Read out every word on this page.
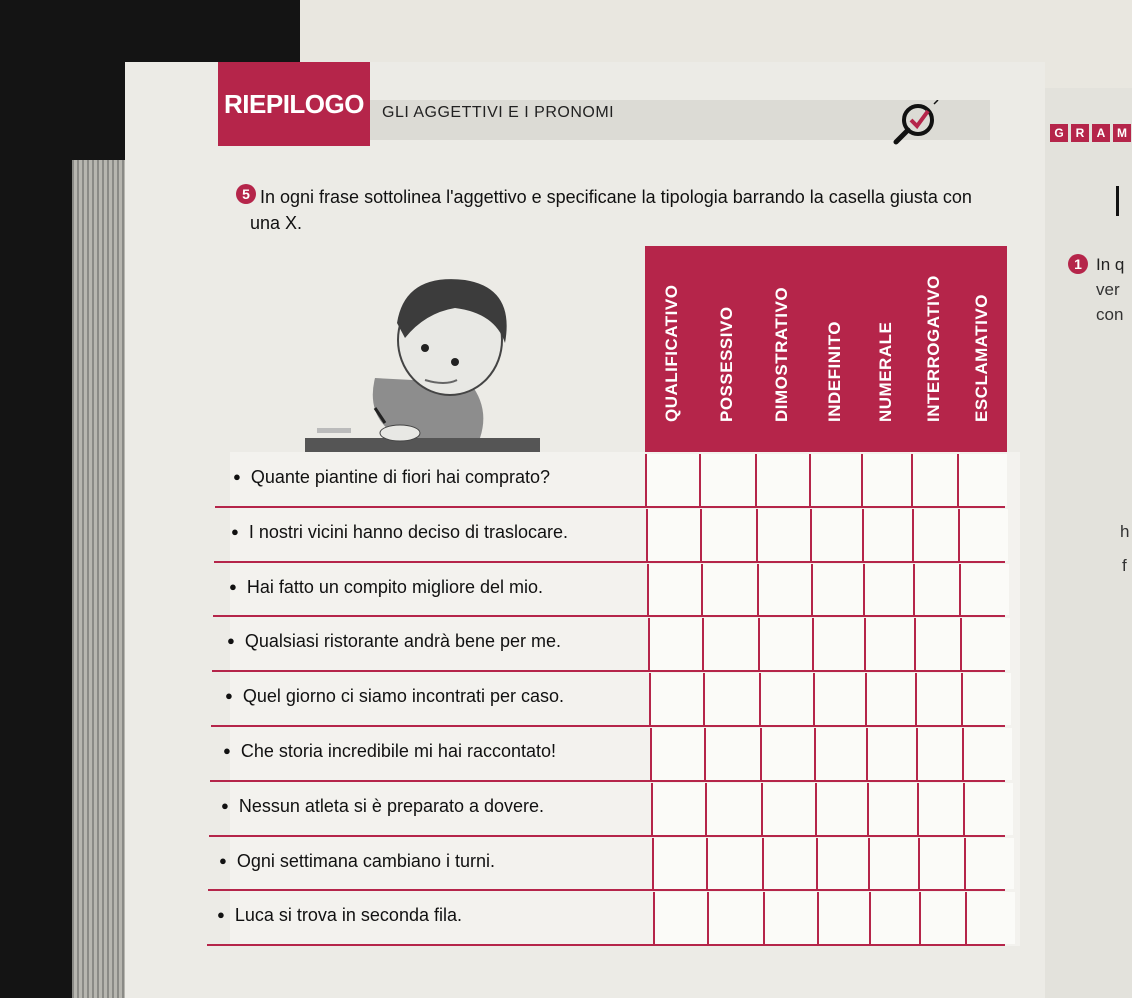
RIEPILOGO	GLI AGGETTIVI E I PRONOMI
G R	A M
5 In ogni frase sottolinea l'aggettivo e specificane la tipologia barrando la casella giusta con una X.
QUALIFICATIVO POSSESSIVO DIMOSTRATIVO INDEFINITO NUMERALE INTERROGATIVO ESCLAMATIVO
● Quante piantine di fiori hai comprato?
● I nostri vicini hanno deciso di traslocare.
● Hai fatto un compito migliore del mio.
● Qualsiasi ristorante andrà bene per me.
● Quel giorno ci siamo incontrati per caso.
● Che storia incredibile mi hai raccontato!
● Nessun atleta si è preparato a dovere.
● Ogni settimana cambiano i turni.
● Luca si trova in seconda fila.
1 In q
ver
con
h
f
